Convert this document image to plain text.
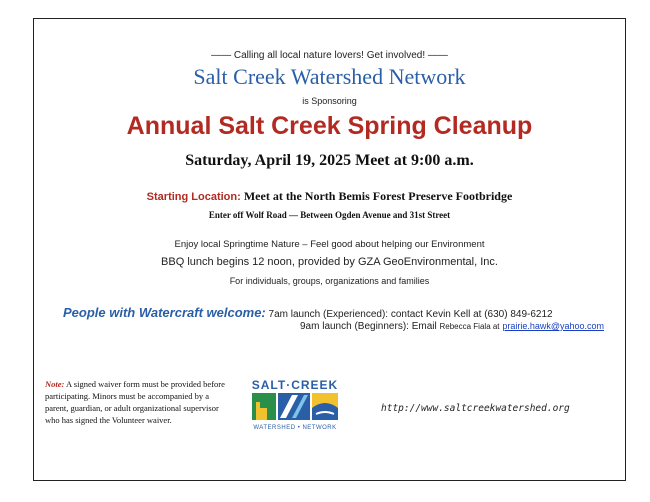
—— Calling all local nature lovers! Get involved! ——
Salt Creek Watershed Network
is Sponsoring
Annual Salt Creek Spring Cleanup
Saturday, April 19, 2025 Meet at 9:00 a.m.
Starting Location: Meet at the North Bemis Forest Preserve Footbridge
Enter off Wolf Road — Between Ogden Avenue and 31st Street
Enjoy local Springtime Nature – Feel good about helping our Environment
BBQ lunch begins 12 noon, provided by GZA GeoEnvironmental, Inc.
For individuals, groups, organizations and families
People with Watercraft welcome: 7am launch (Experienced): contact Kevin Kell at (630) 849-6212
9am launch (Beginners): Email Rebecca Fiala at prairie.hawk@yahoo.com
Note: A signed waiver form must be provided before participating. Minors must be accompanied by a parent, guardian, or adult organizational supervisor who has signed the Volunteer waiver.
SALT·CREEK
WATERSHED • NETWORK
http://www.saltcreekwatershed.org
